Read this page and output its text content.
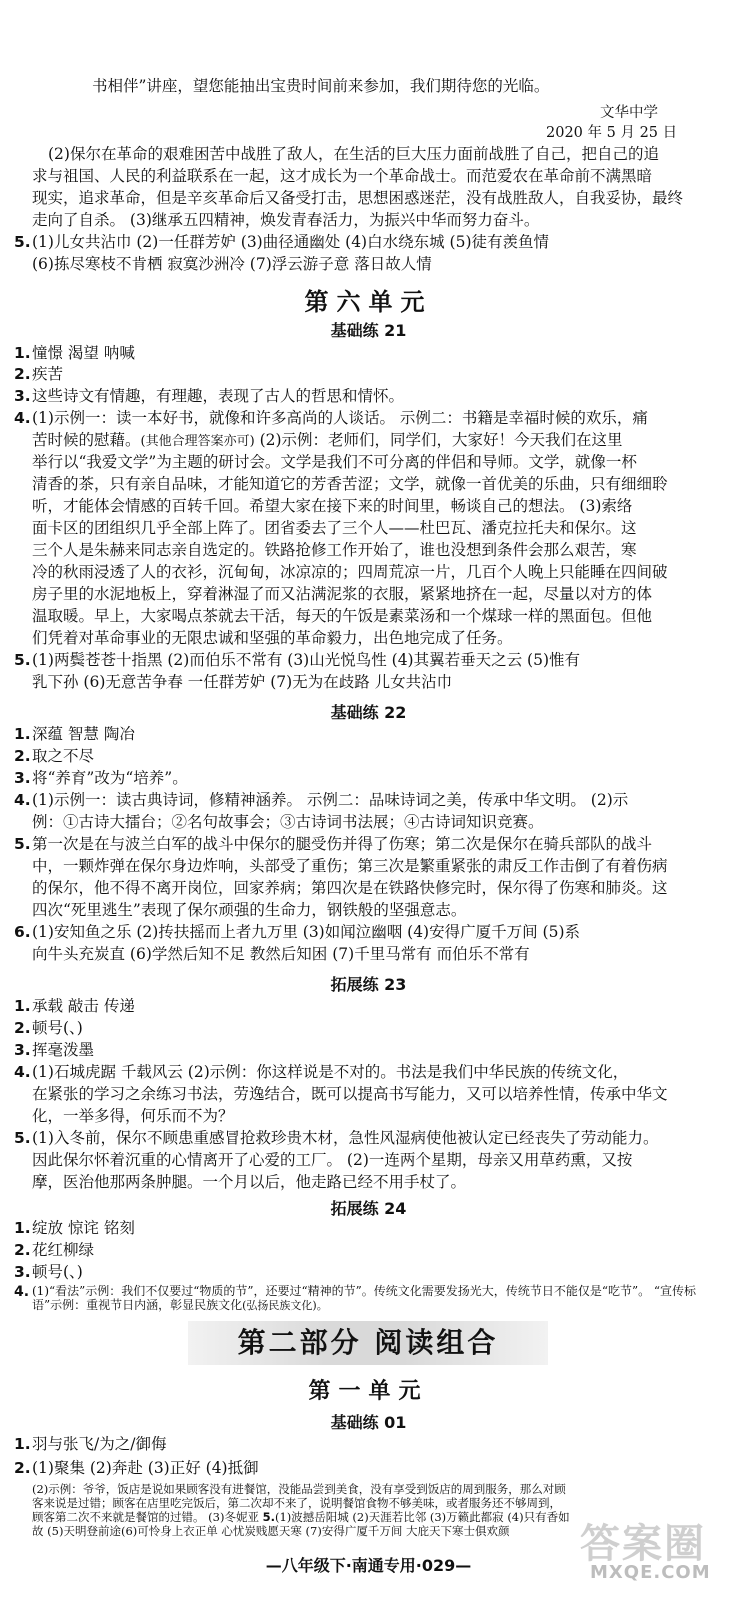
书相伴”讲座，望您能抽出宝贵时间前来参加，我们期待您的光临。
文华中学
2020 年 5 月 25 日
(2)保尔在革命的艰难困苦中战胜了敌人，在生活的巨大压力面前战胜了自己，把自己的追
求与祖国、人民的利益联系在一起，这才成长为一个革命战士。而范爱农在革命前不满黑暗
现实，追求革命，但是辛亥革命后又备受打击，思想困惑迷茫，没有战胜敌人，自我妥协，最终
走向了自杀。 (3)继承五四精神，焕发青春活力，为振兴中华而努力奋斗。
5. (1)儿女共沾巾 (2)一任群芳妒 (3)曲径通幽处 (4)白水绕东城 (5)徒有羡鱼情
(6)拣尽寒枝不肯栖 寂寞沙洲冷 (7)浮云游子意 落日故人情
第六单元
基础练 21
1. 憧憬 渴望 呐喊
2. 疾苦
3. 这些诗文有情趣，有理趣，表现了古人的哲思和情怀。
4. (1)示例一：读一本好书，就像和许多高尚的人谈话。 示例二：书籍是幸福时候的欢乐，痛
苦时候的慰藉。(其他合理答案亦可) (2)示例：老师们，同学们，大家好！今天我们在这里
举行以“我爱文学”为主题的研讨会。文学是我们不可分离的伴侣和导师。文学，就像一杯
清香的茶，只有亲自品味，才能知道它的芳香苦涩；文学，就像一首优美的乐曲，只有细细聆
听，才能体会情感的百转千回。希望大家在接下来的时间里，畅谈自己的想法。 (3)索络
面卡区的团组织几乎全部上阵了。团省委去了三个人——杜巴瓦、潘克拉托夫和保尔。这
三个人是朱赫来同志亲自选定的。铁路抢修工作开始了，谁也没想到条件会那么艰苦，寒
冷的秋雨浸透了人的衣衫，沉甸甸，冰凉凉的；四周荒凉一片，几百个人晚上只能睡在四间破
房子里的水泥地板上，穿着淋湿了而又沾满泥浆的衣服，紧紧地挤在一起，尽量以对方的体
温取暖。早上，大家喝点茶就去干活，每天的午饭是素菜汤和一个煤球一样的黑面包。但他
们凭着对革命事业的无限忠诚和坚强的革命毅力，出色地完成了任务。
5. (1)两鬓苍苍十指黑 (2)而伯乐不常有 (3)山光悦鸟性 (4)其翼若垂天之云 (5)惟有
乳下孙 (6)无意苦争春 一任群芳妒 (7)无为在歧路 儿女共沾巾
基础练 22
1. 深蕴 智慧 陶冶
2. 取之不尽
3. 将“养育”改为“培养”。
4. (1)示例一：读古典诗词，修精神涵养。 示例二：品味诗词之美，传承中华文明。 (2)示
例：①古诗大擂台；②名句故事会；③古诗词书法展；④古诗词知识竞赛。
5. 第一次是在与波兰白军的战斗中保尔的腿受伤并得了伤寒；第二次是保尔在骑兵部队的战斗
中，一颗炸弹在保尔身边炸响，头部受了重伤；第三次是繁重紧张的肃反工作击倒了有着伤病
的保尔，他不得不离开岗位，回家养病；第四次是在铁路快修完时，保尔得了伤寒和肺炎。这
四次“死里逃生”表现了保尔顽强的生命力，钢铁般的坚强意志。
6. (1)安知鱼之乐 (2)抟扶摇而上者九万里 (3)如闻泣幽咽 (4)安得广厦千万间 (5)系
向牛头充炭直 (6)学然后知不足 教然后知困 (7)千里马常有 而伯乐不常有
拓展练 23
1. 承载 敲击 传递
2. 顿号(、)
3. 挥毫泼墨
4. (1)石城虎踞 千载风云 (2)示例：你这样说是不对的。书法是我们中华民族的传统文化，
在紧张的学习之余练习书法，劳逸结合，既可以提高书写能力，又可以培养性情，传承中华文
化，一举多得，何乐而不为？
5. (1)入冬前，保尔不顾患重感冒抢救珍贵木材，急性风湿病使他被认定已经丧失了劳动能力。
因此保尔怀着沉重的心情离开了心爱的工厂。 (2)一连两个星期，母亲又用草药熏，又按
摩，医治他那两条肿腿。一个月以后，他走路已经不用手杖了。
拓展练 24
1. 绽放 惊诧 铭刻
2. 花红柳绿
3. 顿号(、)
4. (1)“看法”示例：我们不仅要过“物质的节”，还要过“精神的节”。传统文化需要发扬光大，传统节日不能仅是“吃节”。 “宣传标语”示例：重视节日内涵，彰显民族文化(弘扬民族文化)。
第二部分 阅读组合
第一单元
基础练 01
1. 羽与张飞/为之/御侮
2. (1)聚集 (2)奔赴 (3)正好 (4)抵御
(2)示例：爷爷，饭店是说如果顾客没有进餐馆，没能品尝到美食，没有享受到饭店的周到服务，那么对顾客来说是过错；顾客在店里吃完饭后，第二次却不来了，说明餐馆食物不够美味，或者服务还不够周到，顾客第二次不来就是餐馆的过错。 (3)冬妮亚 5.(1)波撼岳阳城 (2)天涯若比邻 (3)万籁此都寂 (4)只有香如故 (5)天明登前途(6)可怜身上衣正单 心忧炭贱愿天寒 (7)安得广厦千万间 大庇天下寒士俱欢颜
—八年级下·南通专用·029—	答案圈
MXQE.COM
